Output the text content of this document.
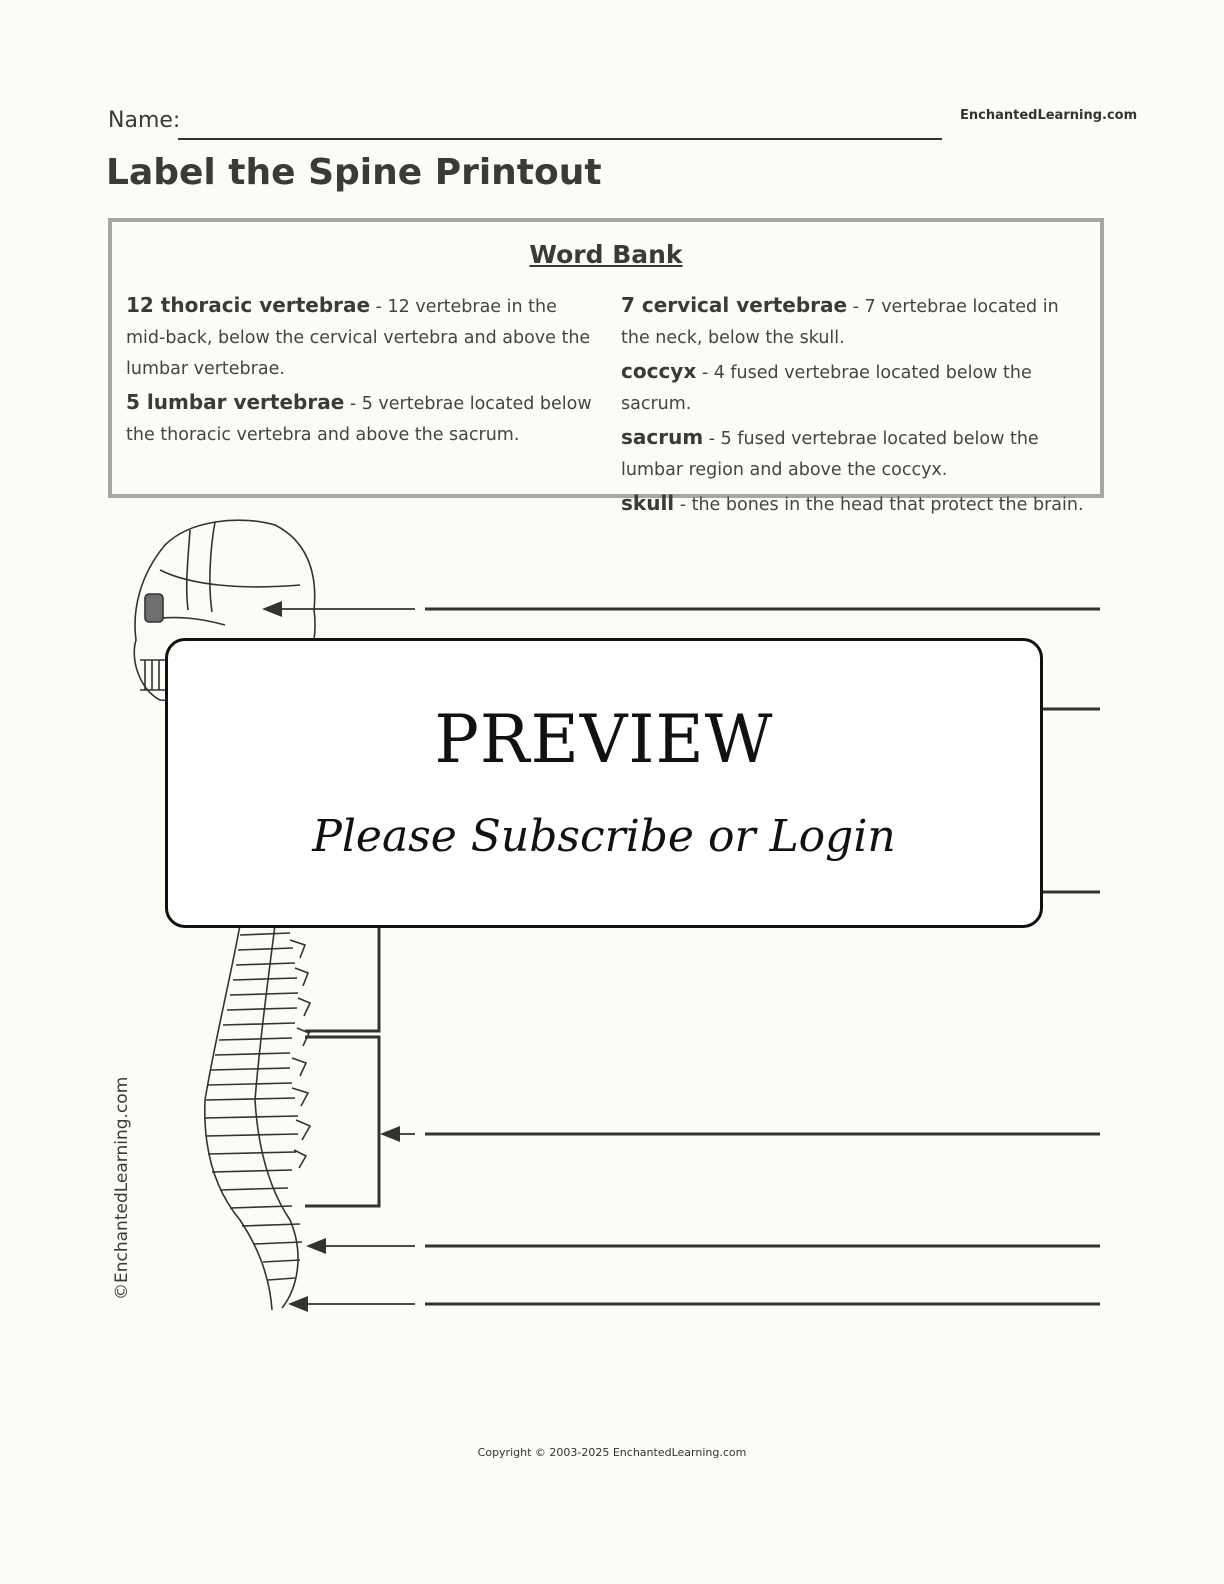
Name:	EnchantedLearning.com
Label the Spine Printout
Word Bank
12 thoracic vertebrae - 12 vertebrae in the mid-back, below the cervical vertebra and above the lumbar vertebrae.
5 lumbar vertebrae - 5 vertebrae located below the thoracic vertebra and above the sacrum.
7 cervical vertebrae - 7 vertebrae located in the neck, below the skull.
coccyx - 4 fused vertebrae located below the sacrum.
sacrum - 5 fused vertebrae located below the lumbar region and above the coccyx.
skull - the bones in the head that protect the brain.
©EnchantedLearning.com
PREVIEW
Please Subscribe or Login
Copyright © 2003-2025 EnchantedLearning.com
